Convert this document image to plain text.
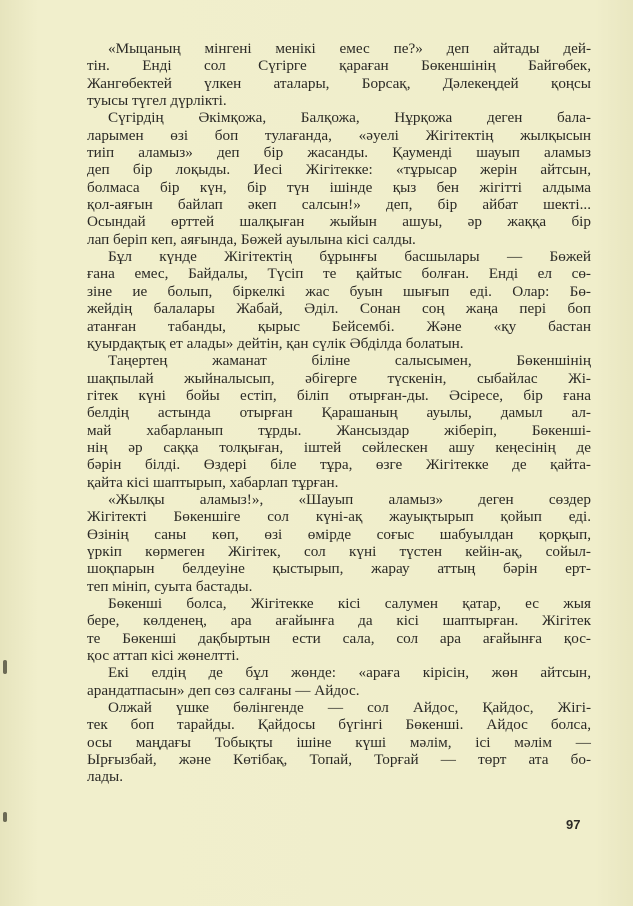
«Мыцаның мінгені менікі емес пе?» деп айтады дей-
тін. Енді сол Сүгірге қараған Бөкеншінің Байгөбек,
Жангөбектей үлкен аталары, Борсақ, Дәлекеңдей қоңсы
туысы түгел дүрлікті.
Сүгірдің Әкімқожа, Балқожа, Нұрқожа деген бала-
ларымен өзі боп тулағанда, «әуелі Жігітектің жылқысын
тиіп аламыз» деп бір жасанды. Қауменді шауып аламыз
деп бір лоқыды. Иесі Жігітекке: «тұрысар жерін айтсын,
болмаса бір күн, бір түн ішінде қыз бен жігітті алдыма
қол-аяғын байлап әкеп салсын!» деп, бір айбат шекті...
Осындай өрттей шалқыған жыйын ашуы, әр жаққа бір
лап беріп кеп, аяғында, Бөжей ауылына кісі салды.
Бұл күнде Жігітектің бұрынғы басшылары — Бөжей
ғана емес, Байдалы, Түсіп те қайтыс болған. Енді ел сө-
зіне ие болып, біркелкі жас буын шығып еді. Олар: Бө-
жейдің балалары Жабай, Әділ. Сонан соң жаңа пері боп
атанған табанды, қырыс Бейсембі. Және «қу бастан
қуырдақтық ет алады» дейтін, қан сүлік Әбділда болатын.
Таңертең жаманат біліне салысымен, Бөкеншінің
шақпылай жыйналысып, әбігерге түскенін, сыбайлас Жі-
гітек күні бойы естіп, біліп отырған-ды. Әсіресе, бір ғана
белдің астында отырған Қарашаның ауылы, дамыл ал-
май хабарланып тұрды. Жансыздар жіберіп, Бөкенші-
нің әр саққа толқыған, іштей сөйлескен ашу кеңесінің де
бәрін білді. Өздері біле тұра, өзге Жігітекке де қайта-
қайта кісі шаптырып, хабарлап тұрған.
«Жылқы аламыз!», «Шауып аламыз» деген сөздер
Жігітекті Бөкеншіге сол күні-ақ жауықтырып қойып еді.
Өзінің саны көп, өзі өмірде соғыс шабуылдан қорқып,
үркіп көрмеген Жігітек, сол күні түстен кейін-ақ, сойыл-
шоқпарын белдеуіне қыстырып, жарау аттың бәрін ерт-
теп мініп, суыта бастады.
Бөкенші болса, Жігітекке кісі салумен қатар, ес жыя
бере, көлденең, ара ағайынға да кісі шаптырған. Жігітек
те Бөкенші дақбыртын ести сала, сол ара ағайынға қос-
қос аттап кісі жөнелтті.
Екі елдің де бұл жөнде: «араға кірісін, жөн айтсын,
арандатпасын» деп сөз салғаны — Айдос.
Олжай үшке бөлінгенде — сол Айдос, Қайдос, Жігі-
тек боп тарайды. Қайдосы бүгінгі Бөкенші. Айдос болса,
осы маңдағы Тобықты ішіне күші мәлім, ісі мәлім —
Ырғызбай, және Көтібақ, Топай, Торғай — төрт ата бо-
лады.
97
